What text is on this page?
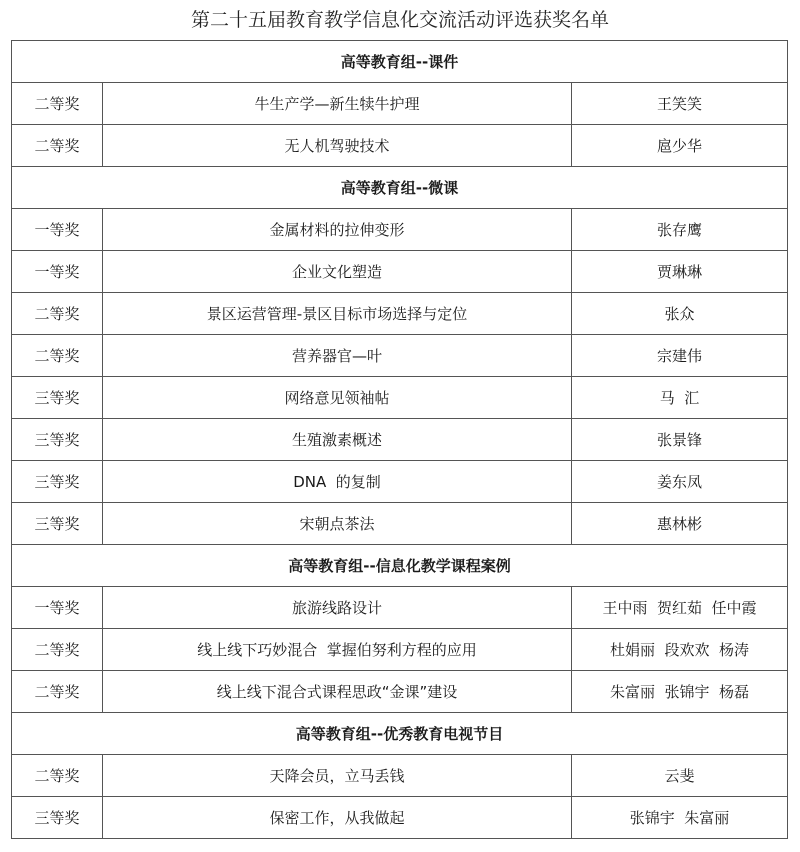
第二十五届教育教学信息化交流活动评选获奖名单
高等教育组--课件		
二等奖	牛生产学—新生犊牛护理	王笑笑
二等奖	无人机驾驶技术	扈少华
高等教育组--微课		
一等奖	金属材料的拉伸变形	张存鹰
一等奖	企业文化塑造	贾琳琳
二等奖	景区运营管理-景区目标市场选择与定位	张众
二等奖	营养器官—叶	宗建伟
三等奖	网络意见领袖帖	马  汇
三等奖	生殖激素概述	张景锋
三等奖	DNA  的复制	姜东凤
三等奖	宋朝点茶法	惠林彬
高等教育组--信息化教学课程案例		
一等奖	旅游线路设计	王中雨  贺红茹  任中霞
二等奖	线上线下巧妙混合  掌握伯努利方程的应用	杜娟丽  段欢欢  杨涛
二等奖	线上线下混合式课程思政“金课”建设	朱富丽  张锦宇  杨磊
高等教育组--优秀教育电视节目		
二等奖	天降会员，立马丢钱	云斐
三等奖	保密工作，从我做起	张锦宇  朱富丽
